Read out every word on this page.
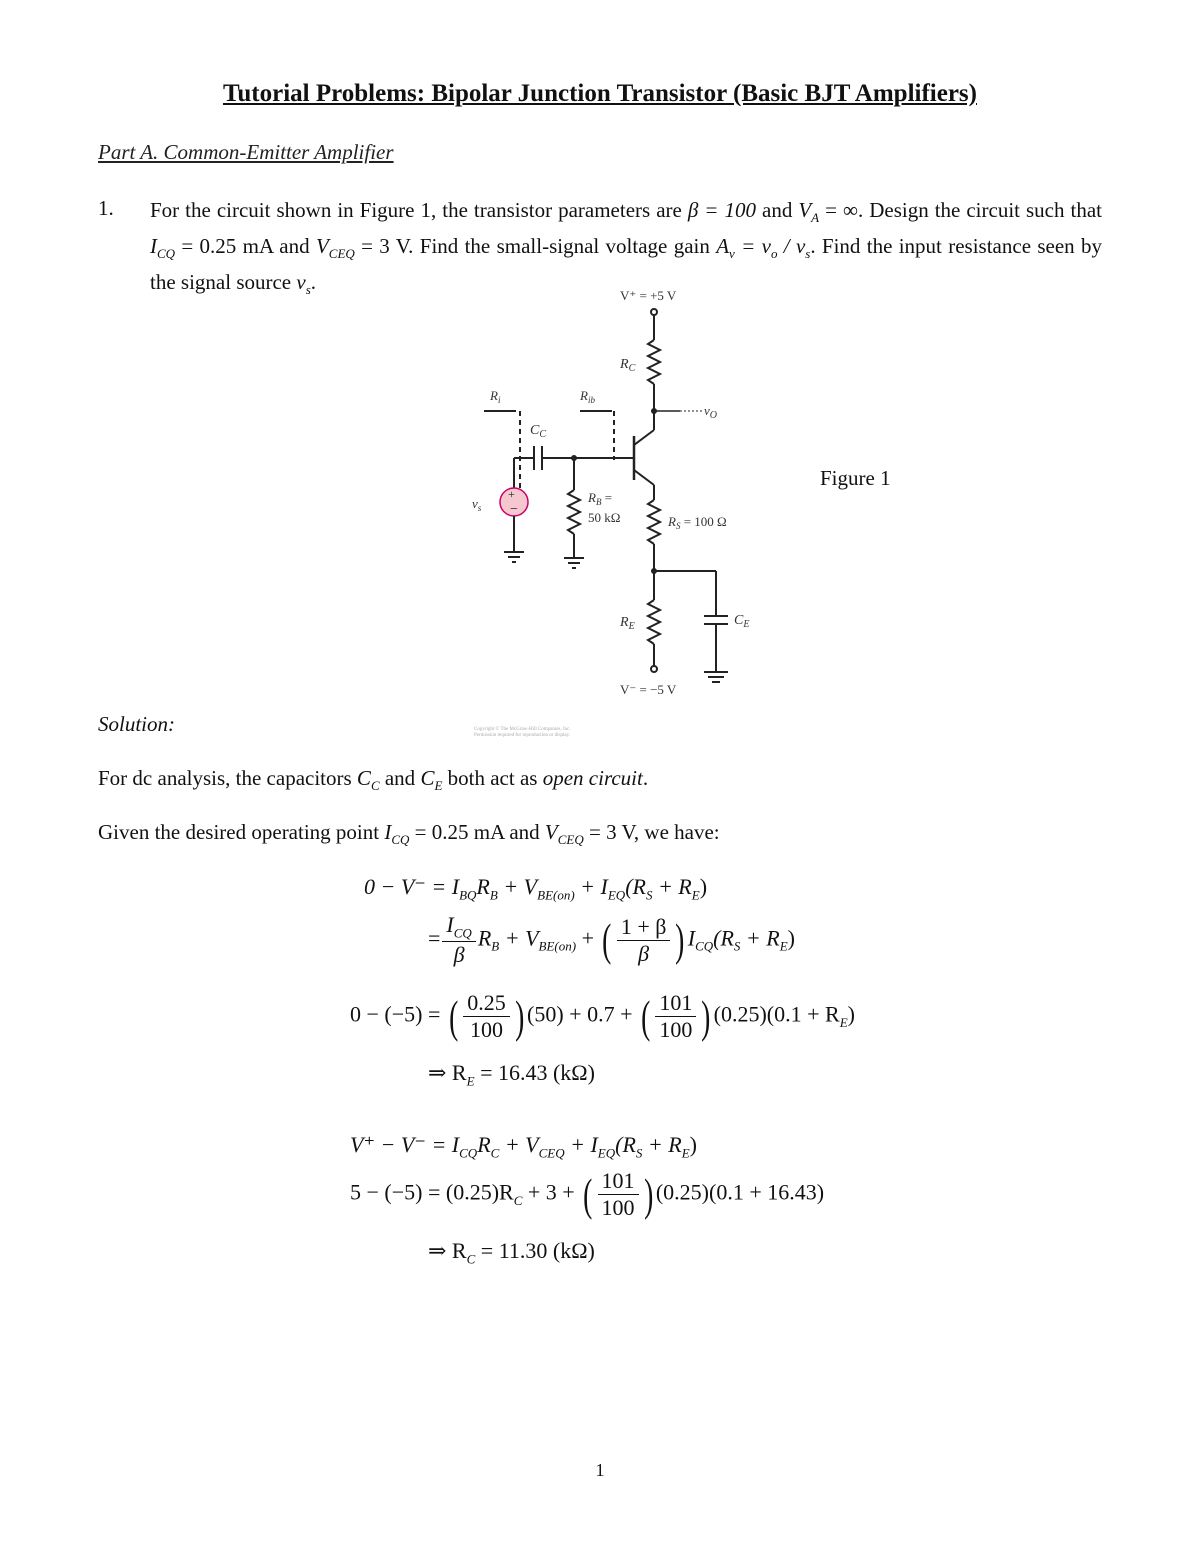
Tutorial Problems: Bipolar Junction Transistor (Basic BJT Amplifiers)
Part A. Common-Emitter Amplifier
1. For the circuit shown in Figure 1, the transistor parameters are β = 100 and $V_A$ = ∞. Design the circuit such that $I_{CQ} = 0.25$ mA and $V_{CEQ} = 3$ V. Find the small-signal voltage gain $A_v = v_o / v_s$. Find the input resistance seen by the signal source $v_s$.
+
−
V⁺ = +5 V
$R_C$
$v_O$
$R_i$	$R_{ib}$
$C_C$
$v_s$
$R_B$ =
50 kΩ	$R_S = 100$ Ω
$R_E$	$C_E$
V⁻ = −5 V
Copyright © The McGraw-Hill Companies, Inc.
Permission required for reproduction or display.
Figure 1
Solution:
For dc analysis, the capacitors $C_C$ and $C_E$ both act as open circuit.
Given the desired operating point $I_{CQ} = 0.25$ mA and $V_{CEQ} = 3$ V, we have:
$0 - V^- = I_{BQ}R_B + V_{BE(on)} + I_{EQ}(R_S + R_E)$
= $\frac{I_{CQ}}{\beta} R_B + V_{BE(on)}$ + ( $\frac{1 + \beta}{\beta}$ ) $I_{CQ}(R_S + R_E)$
0 − (−5) = ( $\frac{0.25}{100}$ ) (50) + 0.7 + ( $\frac{101}{100}$ ) $(0.25)(0.1 + R_E)$
⇒ $R_E = 16.43$ (kΩ)
$V^+ - V^- = I_{CQ}R_C + V_{CEQ} + I_{EQ}(R_S + R_E)$
$5 - (-5) = (0.25)R_C + 3$ + ( $\frac{101}{100}$ ) (0.25)(0.1 + 16.43)
⇒ $R_C = 11.30$ (kΩ)
1
